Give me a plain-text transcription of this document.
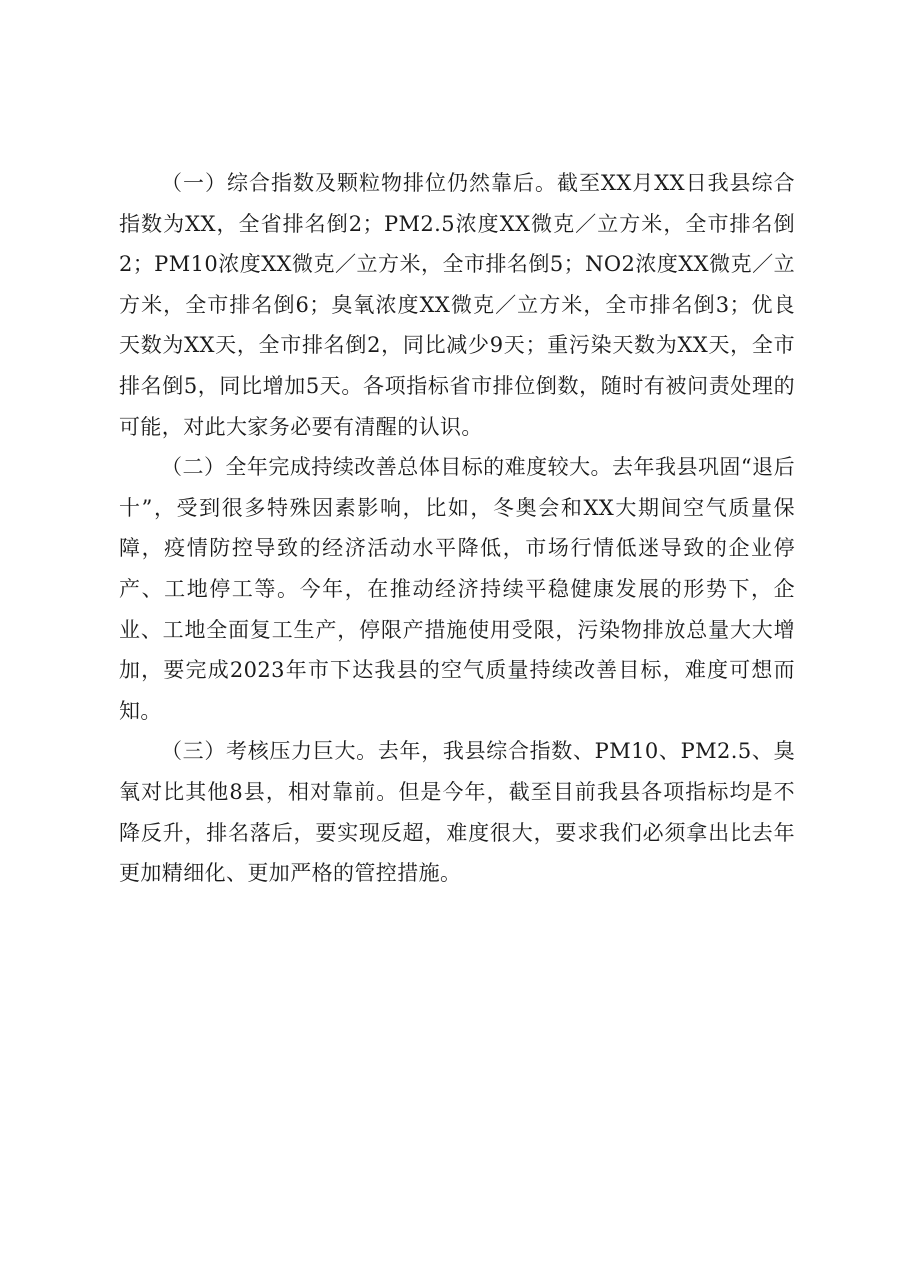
（一）综合指数及颗粒物排位仍然靠后。截至XX月XX日我县综合指数为XX，全省排名倒2；PM2.5浓度XX微克／立方米，全市排名倒2；PM10浓度XX微克／立方米，全市排名倒5；NO2浓度XX微克／立方米，全市排名倒6；臭氧浓度XX微克／立方米，全市排名倒3；优良天数为XX天，全市排名倒2，同比减少9天；重污染天数为XX天，全市排名倒5，同比增加5天。各项指标省市排位倒数，随时有被问责处理的可能，对此大家务必要有清醒的认识。

（二）全年完成持续改善总体目标的难度较大。去年我县巩固“退后十”，受到很多特殊因素影响，比如，冬奥会和XX大期间空气质量保障，疫情防控导致的经济活动水平降低，市场行情低迷导致的企业停产、工地停工等。今年，在推动经济持续平稳健康发展的形势下，企业、工地全面复工生产，停限产措施使用受限，污染物排放总量大大增加，要完成2023年市下达我县的空气质量持续改善目标，难度可想而知。

（三）考核压力巨大。去年，我县综合指数、PM10、PM2.5、臭氧对比其他8县，相对靠前。但是今年，截至目前我县各项指标均是不降反升，排名落后，要实现反超，难度很大，要求我们必须拿出比去年更加精细化、更加严格的管控措施。
